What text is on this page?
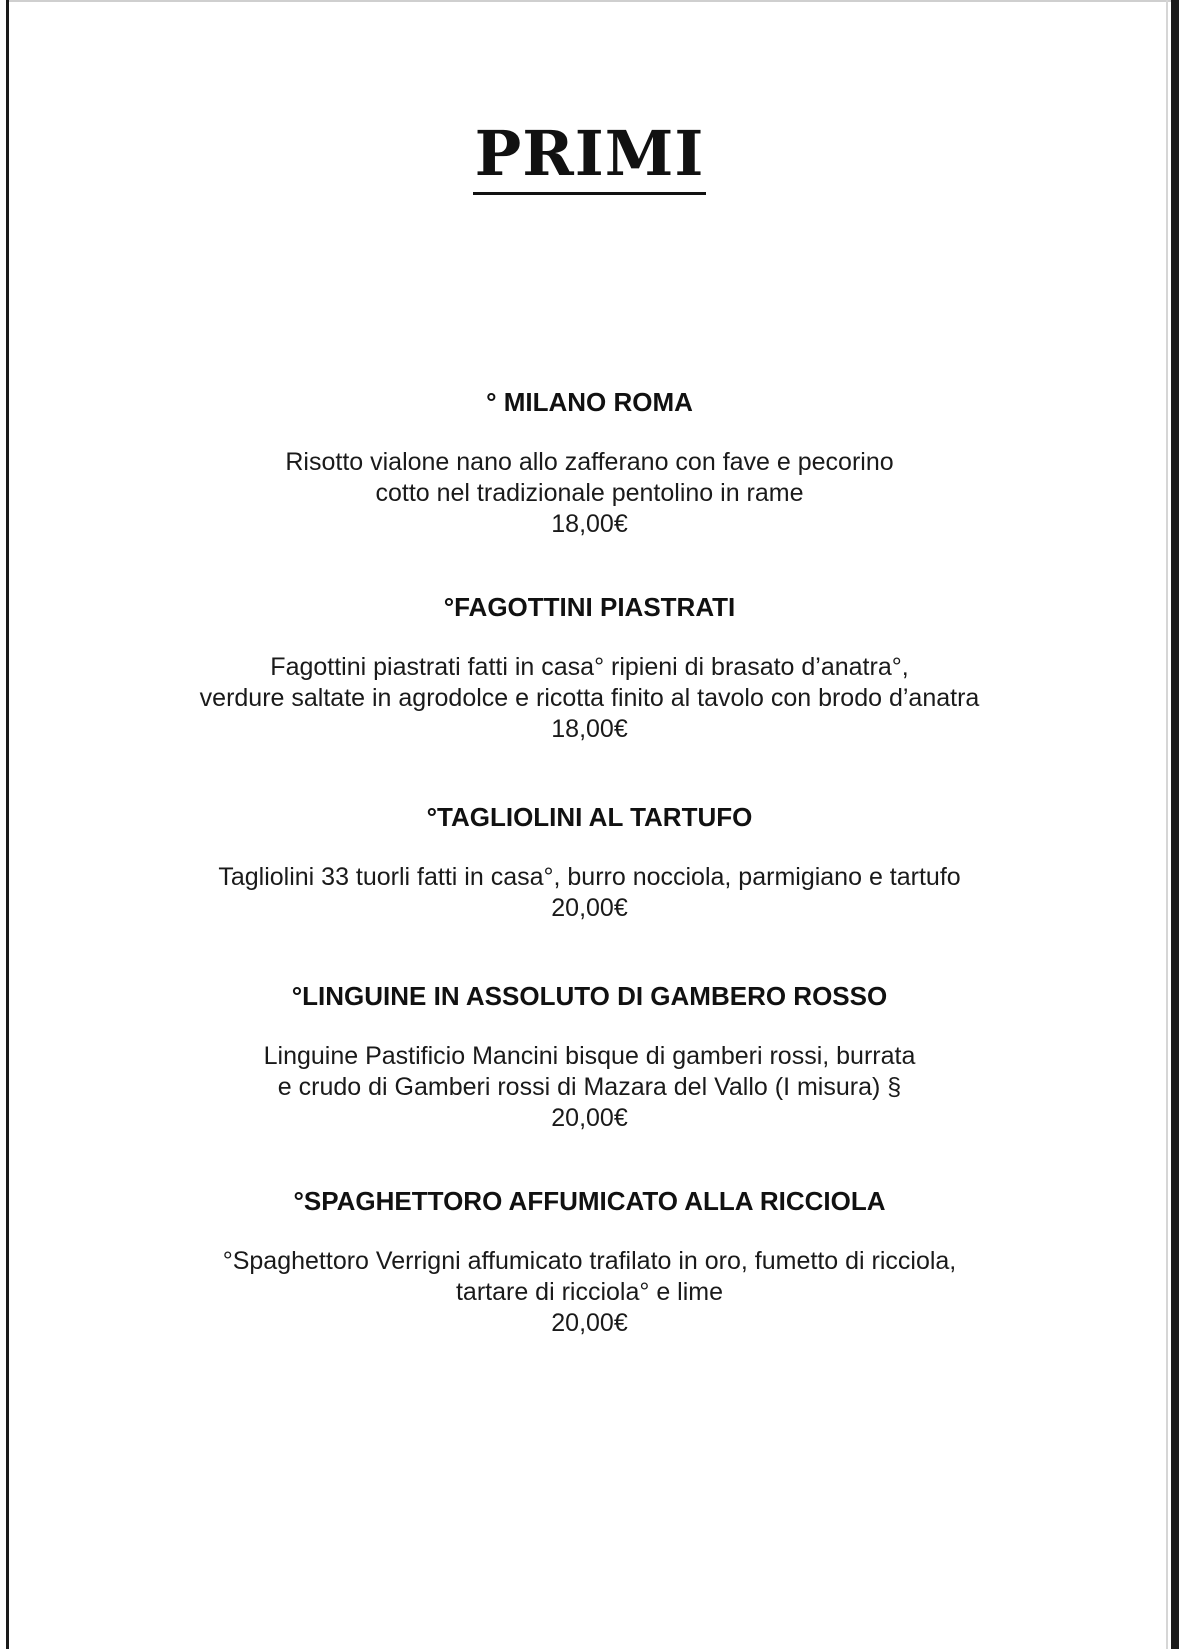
PRIMI
° MILANO ROMA
Risotto vialone nano allo zafferano con fave e pecorino
cotto nel tradizionale pentolino in rame
18,00€
°FAGOTTINI PIASTRATI
Fagottini piastrati fatti in casa° ripieni di brasato d’anatra°,
verdure saltate in agrodolce e ricotta finito al tavolo con brodo d’anatra
18,00€
°TAGLIOLINI AL TARTUFO
Tagliolini 33 tuorli fatti in casa°, burro nocciola, parmigiano e tartufo
20,00€
°LINGUINE IN ASSOLUTO DI GAMBERO ROSSO
Linguine Pastificio Mancini bisque di gamberi rossi, burrata
e crudo di Gamberi rossi di Mazara del Vallo (I misura) §
20,00€
°SPAGHETTORO AFFUMICATO ALLA RICCIOLA
°Spaghettoro Verrigni affumicato trafilato in oro, fumetto di ricciola,
tartare di ricciola° e lime
20,00€
